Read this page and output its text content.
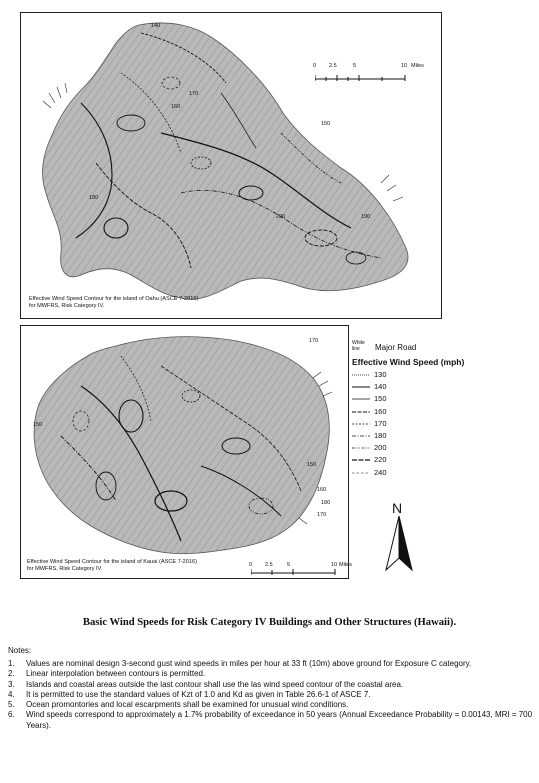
140
150
160
170
180
190
200
0 2.5	5	10 Miles
Effective Wind Speed Contour for the island of Oahu (ASCE 7-2016)
for MWFRS, Risk Category IV.
170
150
160
170
150
180
Effective Wind Speed Contour for the island of Kauai (ASCE 7-2016)
for MWFRS, Risk Category IV.
0 2.5	5	10 Miles
White line	Major Road
Effective Wind Speed (mph)
130
140
150
160
170
180
200
220
240
N
Basic Wind Speeds for Risk Category IV Buildings and Other Structures (Hawaii).
Notes:
1. Values are nominal design 3-second gust wind speeds in miles per hour at 33 ft (10m) above ground for Exposure C category.
2. Linear interpolation between contours is permitted.
3. Islands and coastal areas outside the last contour shall use the las wind speed contour of the coastal area.
4. It is permitted to use the standard values of Kzt of 1.0 and Kd as given in Table 26.6-1 of ASCE 7.
5. Ocean promontories and local escarpments shall be examined for unusual wind conditions.
6. Wind speeds correspond to approximately a 1.7% probability of exceedance in 50 years (Annual Exceedance Probability = 0.00143, MRI = 700 Years).
